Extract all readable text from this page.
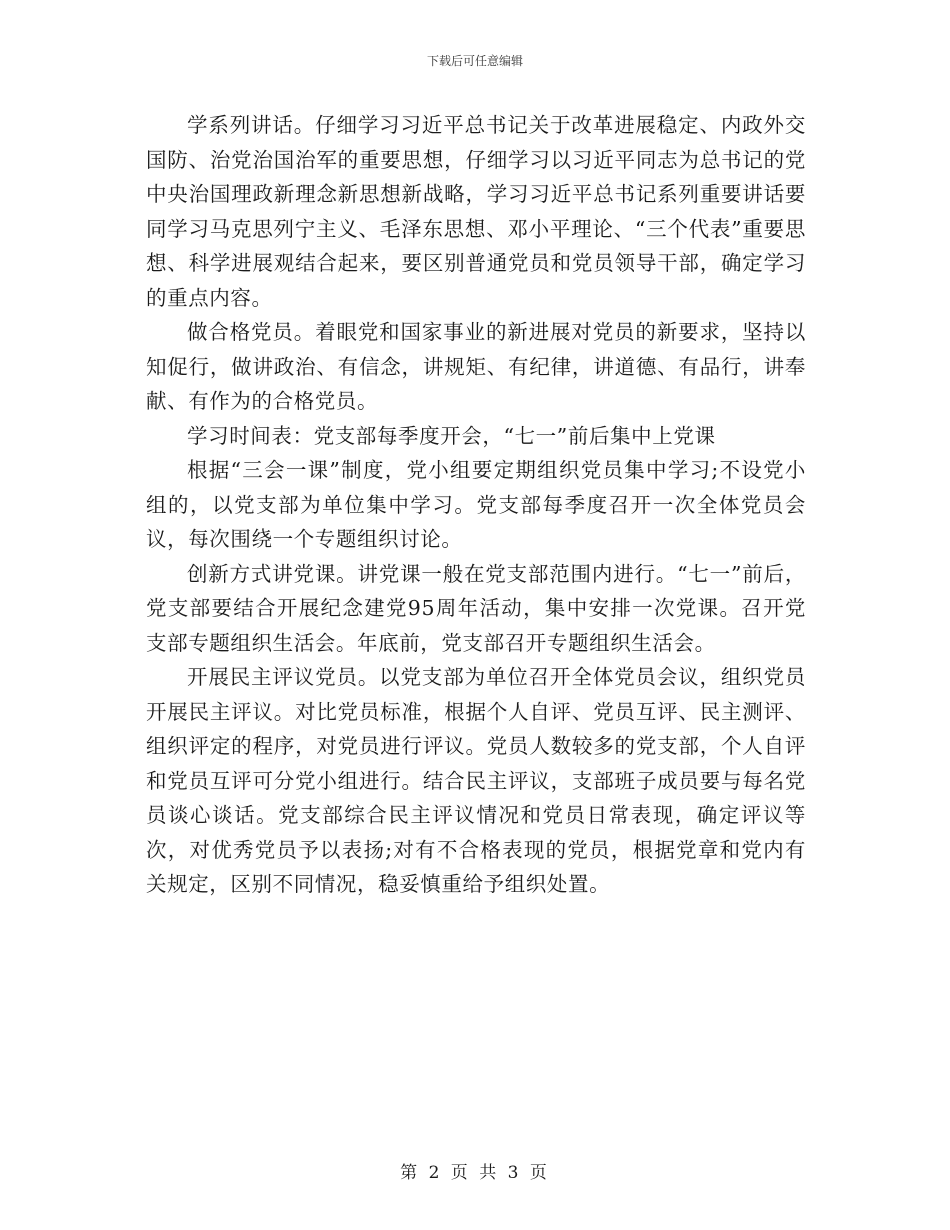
下载后可任意编辑

学系列讲话。仔细学习习近平总书记关于改革进展稳定、内政外交国防、治党治国治军的重要思想，仔细学习以习近平同志为总书记的党中央治国理政新理念新思想新战略，学习习近平总书记系列重要讲话要同学习马克思列宁主义、毛泽东思想、邓小平理论、“三个代表”重要思想、科学进展观结合起来，要区别普通党员和党员领导干部，确定学习的重点内容。

做合格党员。着眼党和国家事业的新进展对党员的新要求，坚持以知促行，做讲政治、有信念，讲规矩、有纪律，讲道德、有品行，讲奉献、有作为的合格党员。

学习时间表：党支部每季度开会，“七一”前后集中上党课

根据“三会一课”制度，党小组要定期组织党员集中学习;不设党小组的，以党支部为单位集中学习。党支部每季度召开一次全体党员会议，每次围绕一个专题组织讨论。

创新方式讲党课。讲党课一般在党支部范围内进行。“七一”前后，党支部要结合开展纪念建党95周年活动，集中安排一次党课。召开党支部专题组织生活会。年底前，党支部召开专题组织生活会。

开展民主评议党员。以党支部为单位召开全体党员会议，组织党员开展民主评议。对比党员标准，根据个人自评、党员互评、民主测评、组织评定的程序，对党员进行评议。党员人数较多的党支部，个人自评和党员互评可分党小组进行。结合民主评议，支部班子成员要与每名党员谈心谈话。党支部综合民主评议情况和党员日常表现，确定评议等次，对优秀党员予以表扬;对有不合格表现的党员，根据党章和党内有关规定，区别不同情况，稳妥慎重给予组织处置。

第 2 页 共 3 页
